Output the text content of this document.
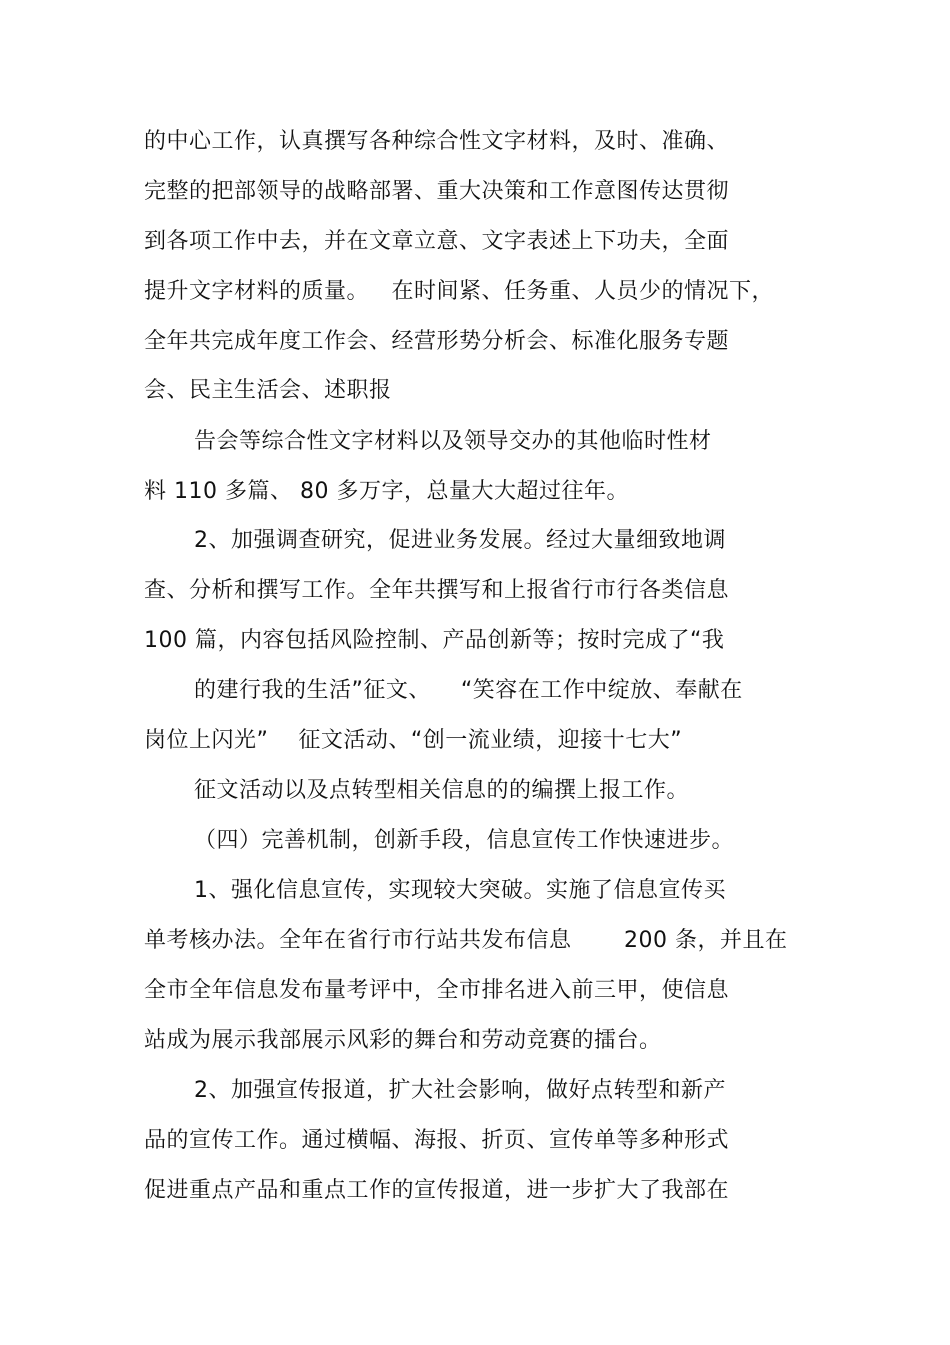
的中心工作，认真撰写各种综合性文字材料，及时、准确、
完整的把部领导的战略部署、重大决策和工作意图传达贯彻
到各项工作中去，并在文章立意、文字表述上下功夫，全面
提升文字材料的质量。   在时间紧、任务重、人员少的情况下，
全年共完成年度工作会、经营形势分析会、标准化服务专题
会、民主生活会、述职报
告会等综合性文字材料以及领导交办的其他临时性材
料 110 多篇、 80 多万字，总量大大超过往年。
2、加强调查研究，促进业务发展。经过大量细致地调
查、分析和撰写工作。全年共撰写和上报省行市行各类信息
100 篇，内容包括风险控制、产品创新等；按时完成了“我
的建行我的生活”征文、    “笑容在工作中绽放、奉献在
岗位上闪光”    征文活动、“创一流业绩，迎接十七大”
征文活动以及点转型相关信息的的编撰上报工作。
（四）完善机制，创新手段，信息宣传工作快速进步。
1、强化信息宣传，实现较大突破。实施了信息宣传买
单考核办法。全年在省行市行站共发布信息       200 条，并且在
全市全年信息发布量考评中，全市排名进入前三甲，使信息
站成为展示我部展示风彩的舞台和劳动竞赛的擂台。
2、加强宣传报道，扩大社会影响，做好点转型和新产
品的宣传工作。通过横幅、海报、折页、宣传单等多种形式
促进重点产品和重点工作的宣传报道，进一步扩大了我部在
